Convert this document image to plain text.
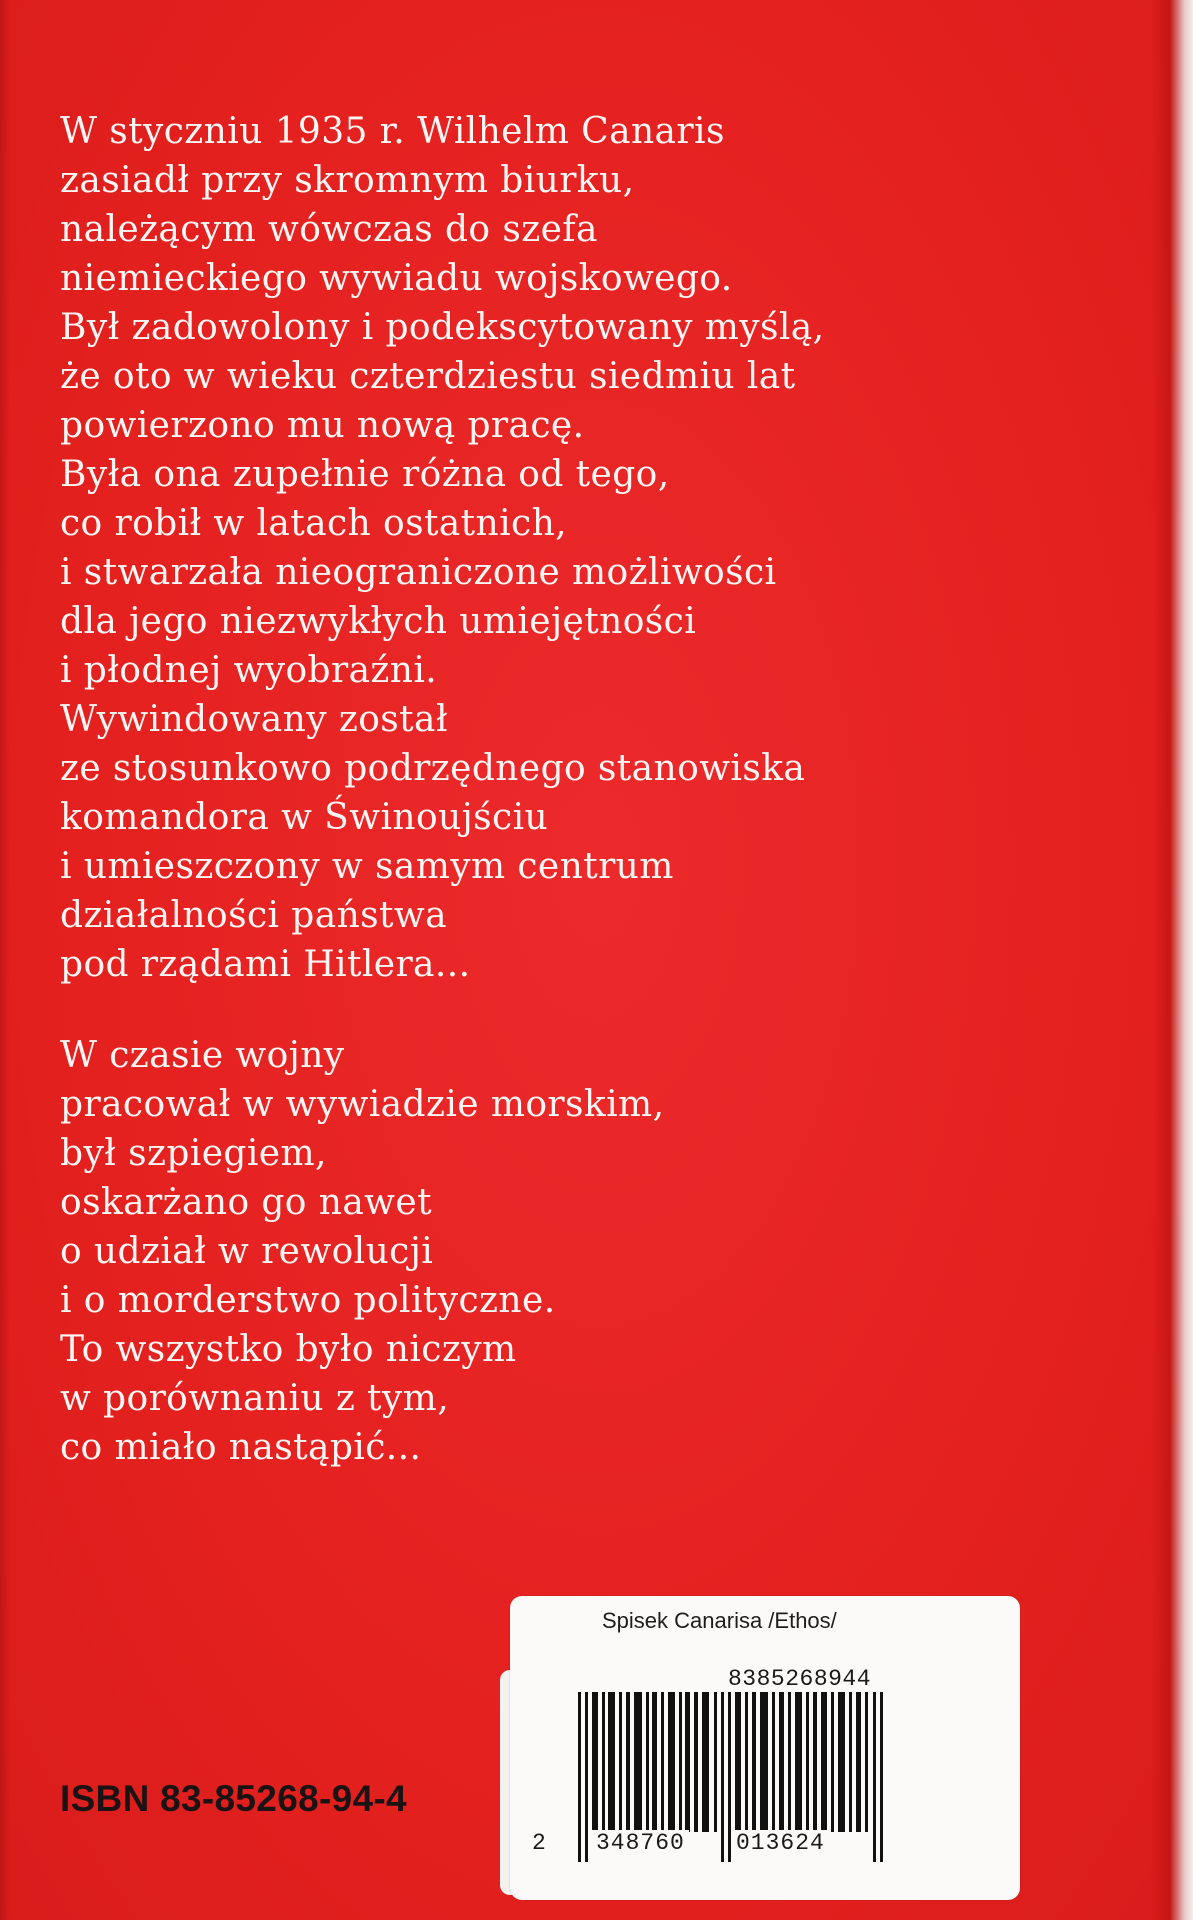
W styczniu 1935 r. Wilhelm Canaris
zasiadł przy skromnym biurku,
należącym wówczas do szefa
niemieckiego wywiadu wojskowego.
Był zadowolony i podekscytowany myślą,
że oto w wieku czterdziestu siedmiu lat
powierzono mu nową pracę.
Była ona zupełnie różna od tego,
co robił w latach ostatnich,
i stwarzała nieograniczone możliwości
dla jego niezwykłych umiejętności
i płodnej wyobraźni.
Wywindowany został
ze stosunkowo podrzędnego stanowiska
komandora w Świnoujściu
i umieszczony w samym centrum
działalności państwa
pod rządami Hitlera...
W czasie wojny
pracował w wywiadzie morskim,
był szpiegiem,
oskarżano go nawet
o udział w rewolucji
i o morderstwo polityczne.
To wszystko było niczym
w porównaniu z tym,
co miało nastąpić...
ISBN 83-85268-94-4
Spisek Canarisa /Ethos/
8385268944
2 348760 013624
